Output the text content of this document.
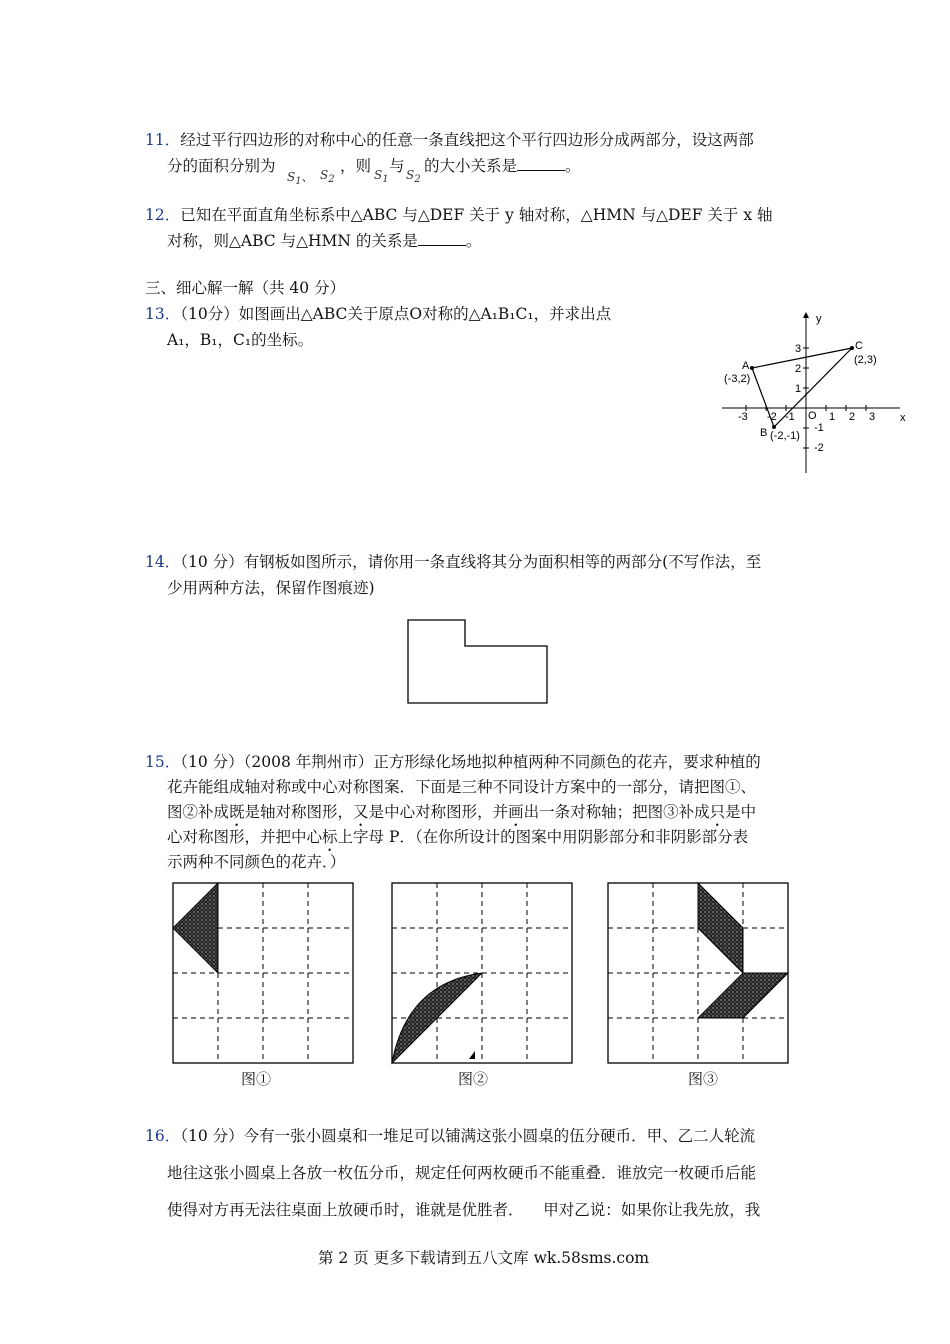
11．经过平行四边形的对称中心的任意一条直线把这个平行四边形分成两部分，设这两部
分的面积分别为
$S_1$、 $S_2$
，则 $S_1$
与 $S_2$
的大小关系是	。
12．已知在平面直角坐标系中△ABC 与△DEF 关于 y 轴对称，△HMN 与△DEF 关于 x 轴
对称，则△ABC 与△HMN 的关系是	。
三、细心解一解（共 40 分）
13．（10分）如图画出△ABC关于原点O对称的△A₁B₁C₁，并求出点
A₁，B₁，C₁的坐标。
y
x
O
-3 -2 -1	1 2 3
3
2
1
-1
-2
A
(-3,2)
B (-2,-1)
C
(2,3)
14．（10 分）有钢板如图所示，请你用一条直线将其分为面积相等的两部分(不写作法，至
少用两种方法，保留作图痕迹)
15．（10 分）（2008 年荆州市）正方形绿化场地拟种植两种不同颜色的花卉，要求种植的
花卉能组成轴对称或中心对称图案．下面是三种不同设计方案中的一部分，请把图①、
图②补成既是轴对称图形，又是中心对称图形，并画出一条对称轴；把图③补成只是中
心对称图形，并把中心标上字母 P．（在你所设计的图案中用阴影部分和非阴影部分表
示两种不同颜色的花卉．）
图①	图②	图③
16．（10 分）今有一张小圆桌和一堆足可以铺满这张小圆桌的伍分硬币．甲、乙二人轮流
地往这张小圆桌上各放一枚伍分币，规定任何两枚硬币不能重叠．谁放完一枚硬币后能
使得对方再无法往桌面上放硬币时，谁就是优胜者．    甲对乙说：如果你让我先放，我
第 2 页 更多下载请到五八文库 wk.58sms.com
